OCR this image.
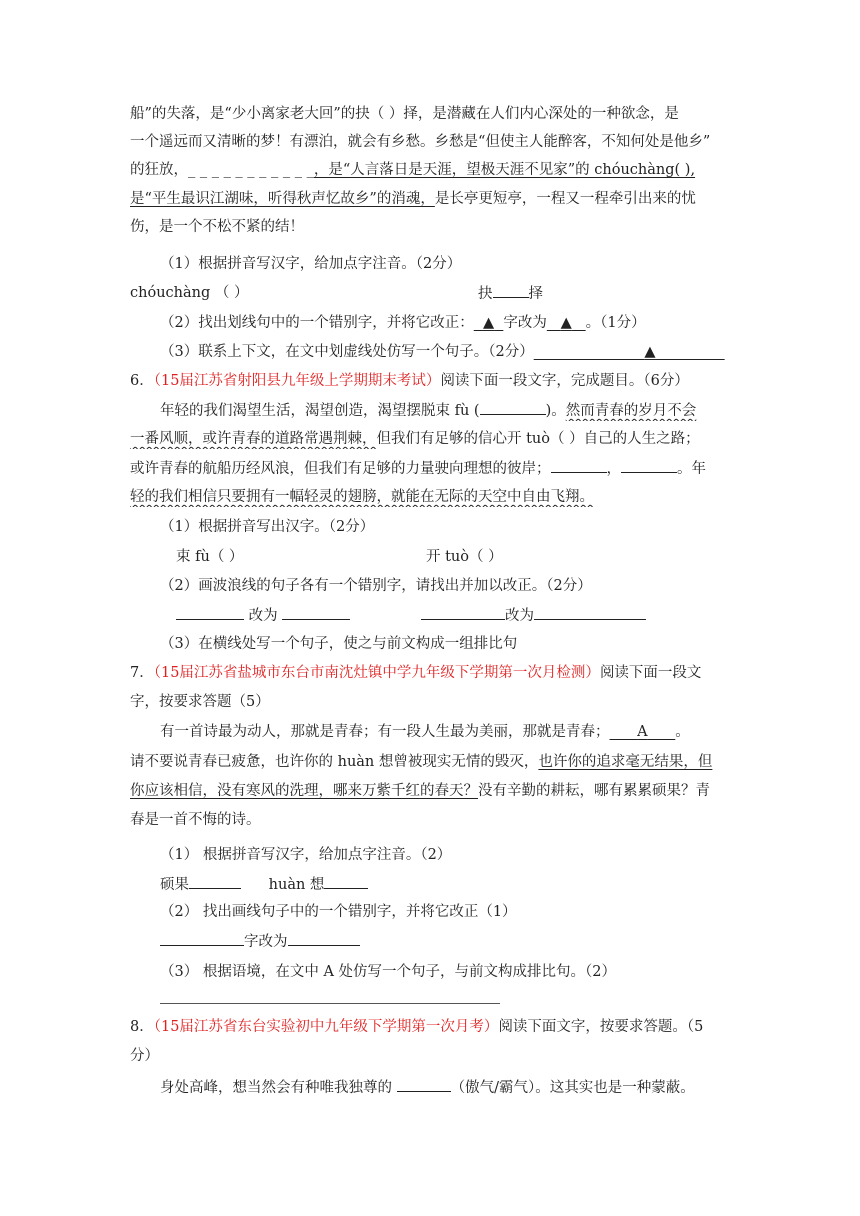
船”的失落，是“少小离家老大回”的抉（ ）择，是潜藏在人们内心深处的一种欲念，是
一个遥远而又清晰的梦！有漂泊，就会有乡愁。乡愁是“但使主人能醉客，不知何处是他乡”
的狂放，_ _ _ _ _ _ _ _ _ _ _，是“人言落日是天涯，望极天涯不见家”的 chóuchàng( ),
是“平生最识江湖味，听得秋声忆故乡”的消魂，是长亭更短亭，一程又一程牵引出来的忧
伤，是一个不松不紧的结！
（1）根据拼音写汉字，给加点字注音。（2分）
chóuchàng （ ）	抉 择
（2）找出划线句中的一个错别字，并将它改正： ▲ 字改为 ▲ 。（1分）
（3）联系上下文，在文中划虚线处仿写一个句子。（2分）	▲
6．（15届江苏省射阳县九年级上学期期末考试）阅读下面一段文字，完成题目。（6分）
年轻的我们渴望生活，渴望创造，渴望摆脱束 fù (	)。然而青春的岁月不会
一番风顺，或许青春的道路常遇荆棘，但我们有足够的信心开 tuò（ ）自己的人生之路；
或许青春的航船历经风浪，但我们有足够的力量驶向理想的彼岸；	，	。年
轻的我们相信只要拥有一幅轻灵的翅膀，就能在无际的天空中自由飞翔。
（1）根据拼音写出汉字。（2分）
束 fù（ ）	开 tuò（ ）
（2）画波浪线的句子各有一个错别字，请找出并加以改正。（2分）
改为	改为
（3）在横线处写一个句子，使之与前文构成一组排比句
7．（15届江苏省盐城市东台市南沈灶镇中学九年级下学期第一次月检测）阅读下面一段文
字，按要求答题（5）
有一首诗最为动人，那就是青春；有一段人生最为美丽，那就是青春； A 。
请不要说青春已疲惫，也许你的 huàn 想曾被现实无情的毁灭，也许你的追求毫无结果，但
你应该相信，没有寒风的洗理，哪来万紫千红的春天？没有辛勤的耕耘，哪有累累硕果？青
春是一首不悔的诗。
（1） 根据拼音写汉字，给加点字注音。（2）
硕果	huàn 想
（2） 找出画线句子中的一个错别字，并将它改正（1）
字改为
（3） 根据语境，在文中 A 处仿写一个句子，与前文构成排比句。（2）
8．（15届江苏省东台实验初中九年级下学期第一次月考）阅读下面文字，按要求答题。（5
分）
身处高峰，想当然会有种唯我独尊的	（傲气/霸气）。这其实也是一种蒙蔽。
